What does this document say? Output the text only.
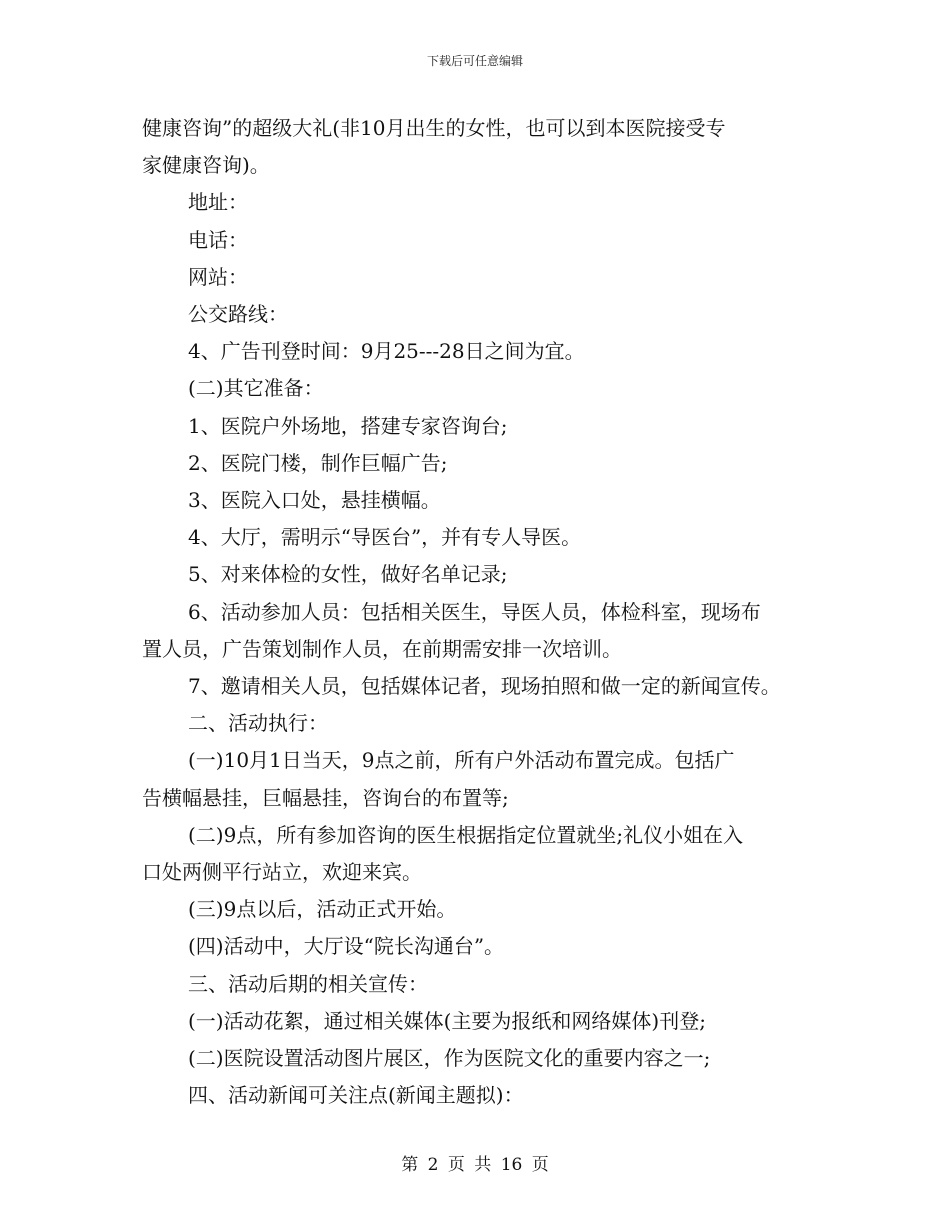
下载后可任意编辑

健康咨询”的超级大礼(非10月出生的女性，也可以到本医院接受专

家健康咨询)。

地址：

电话：

网站：

公交路线：

4、广告刊登时间：9月25---28日之间为宜。

(二)其它准备：

1、医院户外场地，搭建专家咨询台;

2、医院门楼，制作巨幅广告;

3、医院入口处，悬挂横幅。

4、大厅，需明示“导医台”，并有专人导医。

5、对来体检的女性，做好名单记录;

6、活动参加人员：包括相关医生，导医人员，体检科室，现场布

置人员，广告策划制作人员，在前期需安排一次培训。

7、邀请相关人员，包括媒体记者，现场拍照和做一定的新闻宣传。

二、活动执行：

(一)10月1日当天，9点之前，所有户外活动布置完成。包括广

告横幅悬挂，巨幅悬挂，咨询台的布置等;

(二)9点，所有参加咨询的医生根据指定位置就坐;礼仪小姐在入

口处两侧平行站立，欢迎来宾。

(三)9点以后，活动正式开始。

(四)活动中，大厅设“院长沟通台”。

三、活动后期的相关宣传：

(一)活动花絮，通过相关媒体(主要为报纸和网络媒体)刊登;

(二)医院设置活动图片展区，作为医院文化的重要内容之一;

四、活动新闻可关注点(新闻主题拟)：

第 2 页 共 16 页
